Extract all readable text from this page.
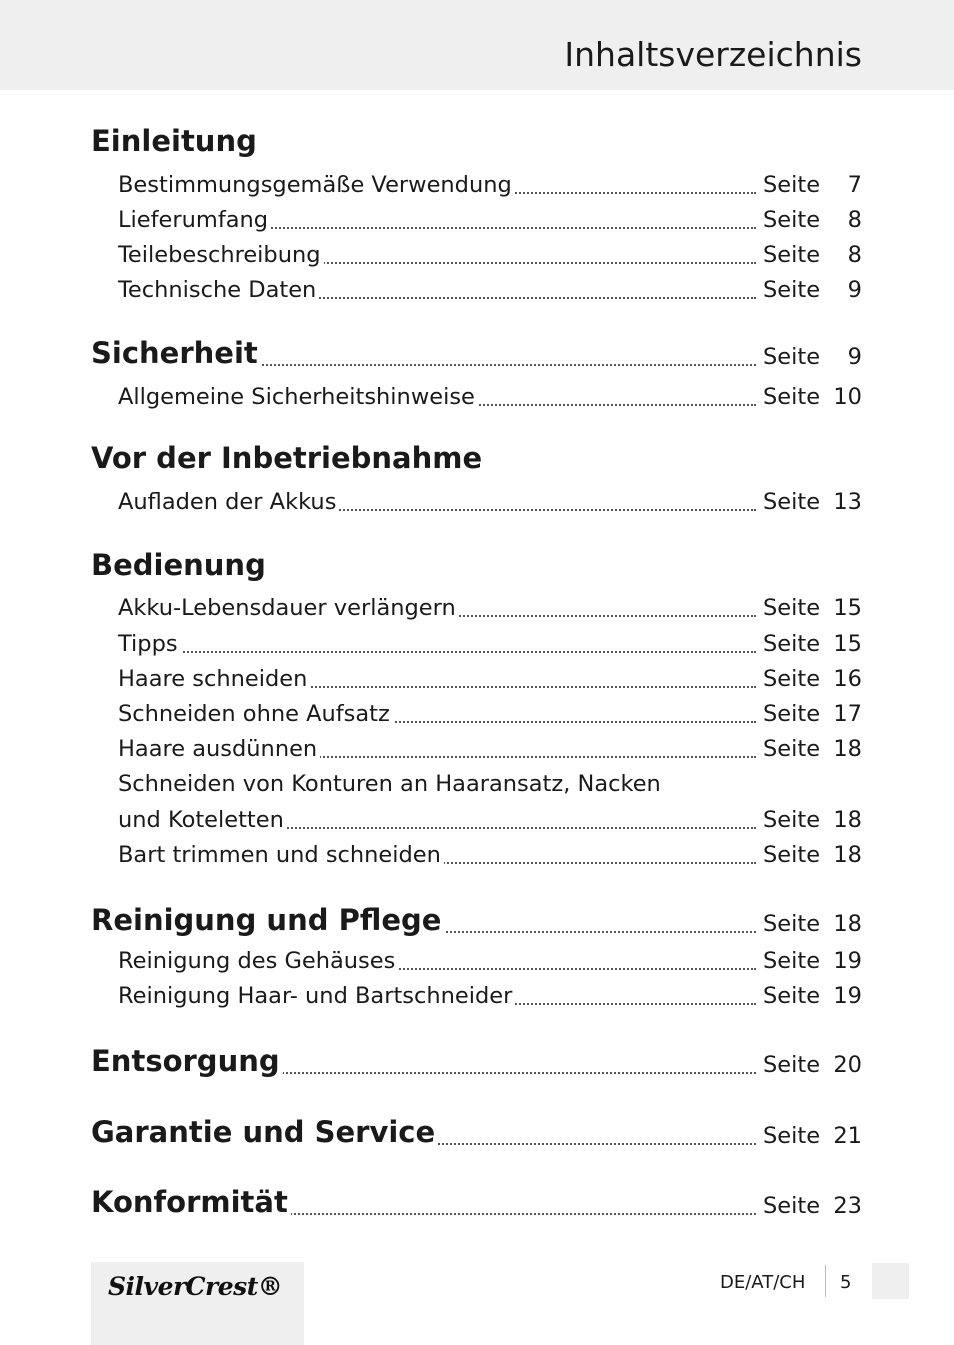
Inhaltsverzeichnis
Einleitung
Bestimmungsgemäße Verwendung	Seite 7
Lieferumfang	Seite 8
Teilebeschreibung	Seite 8
Technische Daten	Seite 9
Sicherheit	Seite 9
Allgemeine Sicherheitshinweise	Seite 10
Vor der Inbetriebnahme
Aufladen der Akkus	Seite 13
Bedienung
Akku-Lebensdauer verlängern	Seite 15
Tipps	Seite 15
Haare schneiden	Seite 16
Schneiden ohne Aufsatz	Seite 17
Haare ausdünnen	Seite 18
Schneiden von Konturen an Haaransatz, Nacken
und Koteletten	Seite 18
Bart trimmen und schneiden	Seite 18
Reinigung und Pflege	Seite 18
Reinigung des Gehäuses	Seite 19
Reinigung Haar- und Bartschneider	Seite 19
Entsorgung	Seite 20
Garantie und Service	Seite 21
Konformität	Seite 23
SilverCrest®	DE/AT/CH 5
